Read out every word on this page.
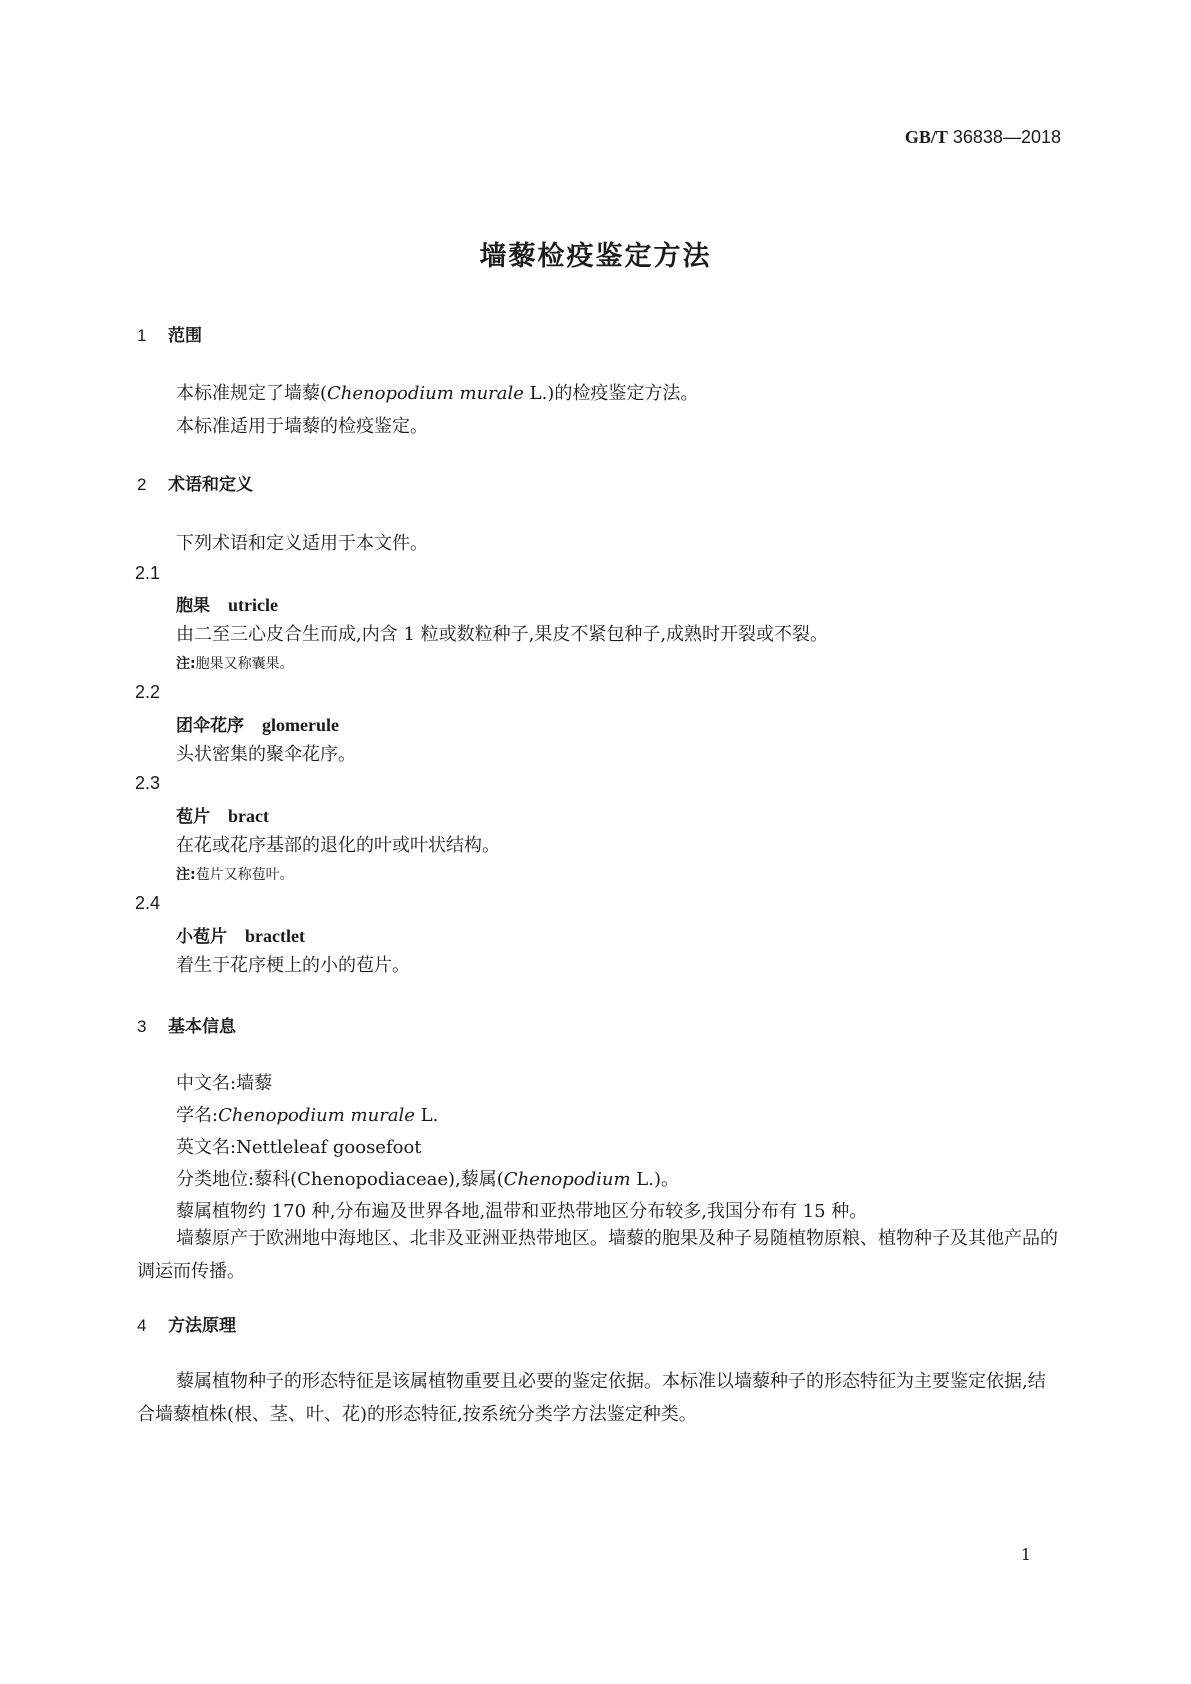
GB/T 36838—2018
墙藜检疫鉴定方法
1 范围
本标准规定了墙藜(Chenopodium murale L.)的检疫鉴定方法。
本标准适用于墙藜的检疫鉴定。
2 术语和定义
下列术语和定义适用于本文件。
2.1
胞果 utricle
由二至三心皮合生而成,内含 1 粒或数粒种子,果皮不紧包种子,成熟时开裂或不裂。
注:胞果又称囊果。
2.2
团伞花序 glomerule
头状密集的聚伞花序。
2.3
苞片 bract
在花或花序基部的退化的叶或叶状结构。
注:苞片又称苞叶。
2.4
小苞片 bractlet
着生于花序梗上的小的苞片。
3 基本信息
中文名:墙藜
学名:Chenopodium murale L.
英文名:Nettleleaf goosefoot
分类地位:藜科(Chenopodiaceae),藜属(Chenopodium L.)。
藜属植物约 170 种,分布遍及世界各地,温带和亚热带地区分布较多,我国分布有 15 种。
墙藜原产于欧洲地中海地区、北非及亚洲亚热带地区。墙藜的胞果及种子易随植物原粮、植物种子及其他产品的调运而传播。
4 方法原理
藜属植物种子的形态特征是该属植物重要且必要的鉴定依据。本标准以墙藜种子的形态特征为主要鉴定依据,结合墙藜植株(根、茎、叶、花)的形态特征,按系统分类学方法鉴定种类。
1
